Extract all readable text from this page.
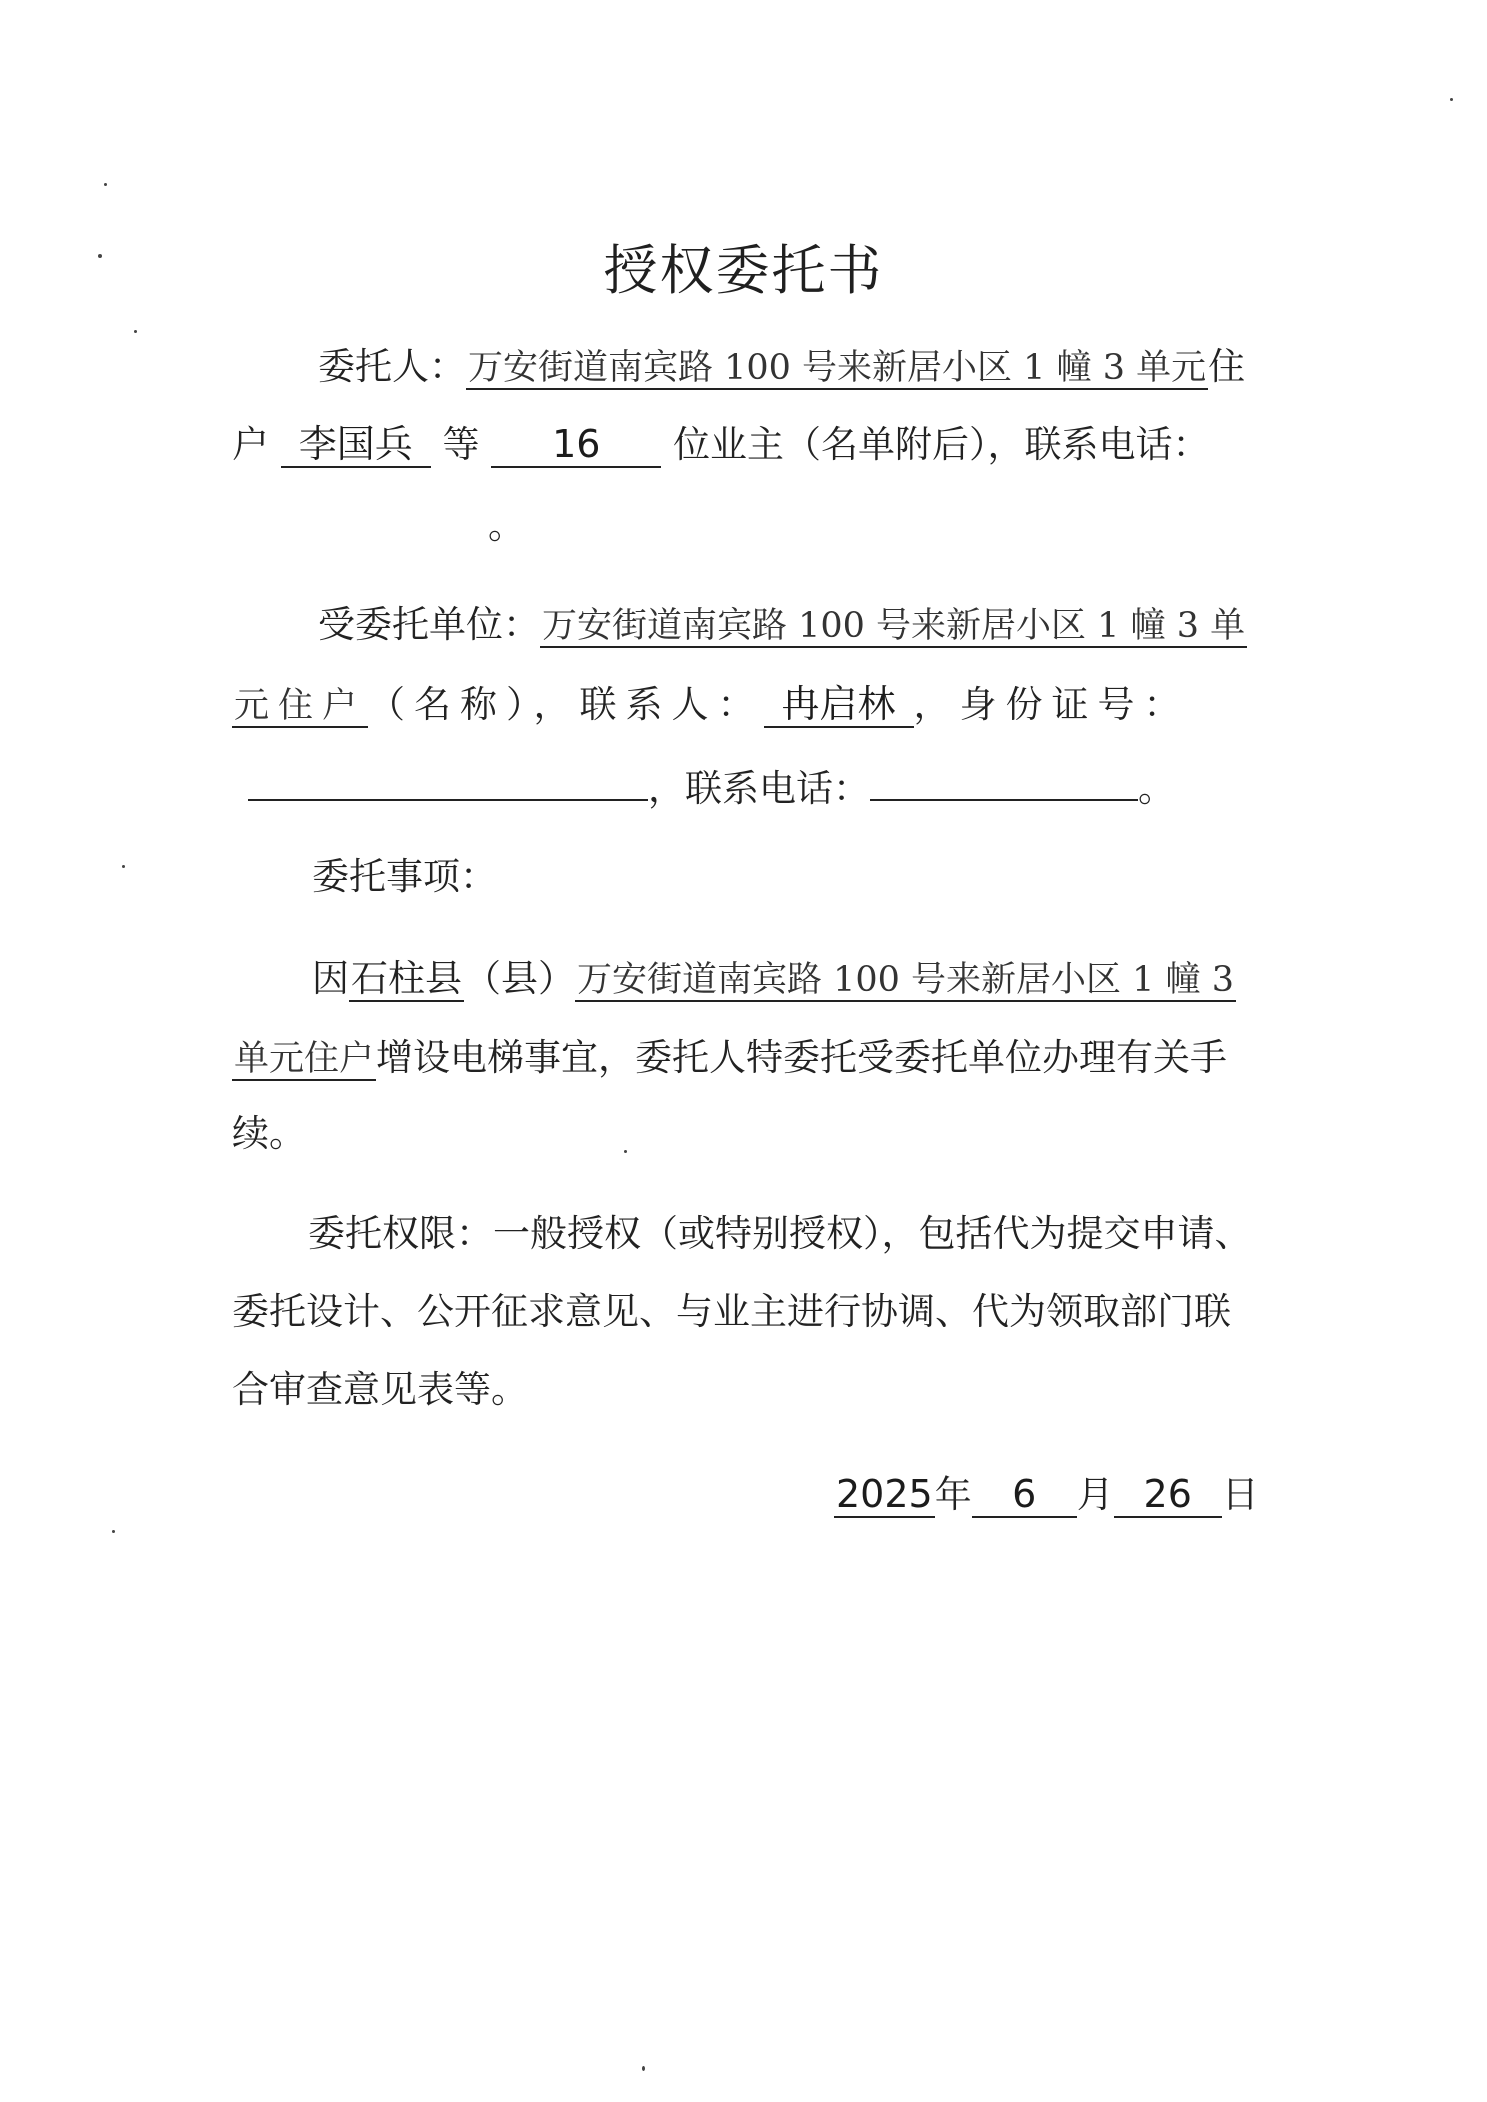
授权委托书
委托人：万安街道南宾路 100 号来新居小区 1 幢 3 单元住
户 李国兵 等 16 位业主（名单附后），联系电话：
。
受委托单位：万安街道南宾路 100 号来新居小区 1 幢 3 单
元住户（名称），联系人： 冉启林 ，身份证号：
，联系电话：	。
委托事项：
因石柱县（县）万安街道南宾路 100 号来新居小区 1 幢 3
单元住户增设电梯事宜，委托人特委托受委托单位办理有关手
续。
委托权限：一般授权（或特别授权），包括代为提交申请、
委托设计、公开征求意见、与业主进行协调、代为领取部门联
合审查意见表等。
2025年 6 月 26 日
